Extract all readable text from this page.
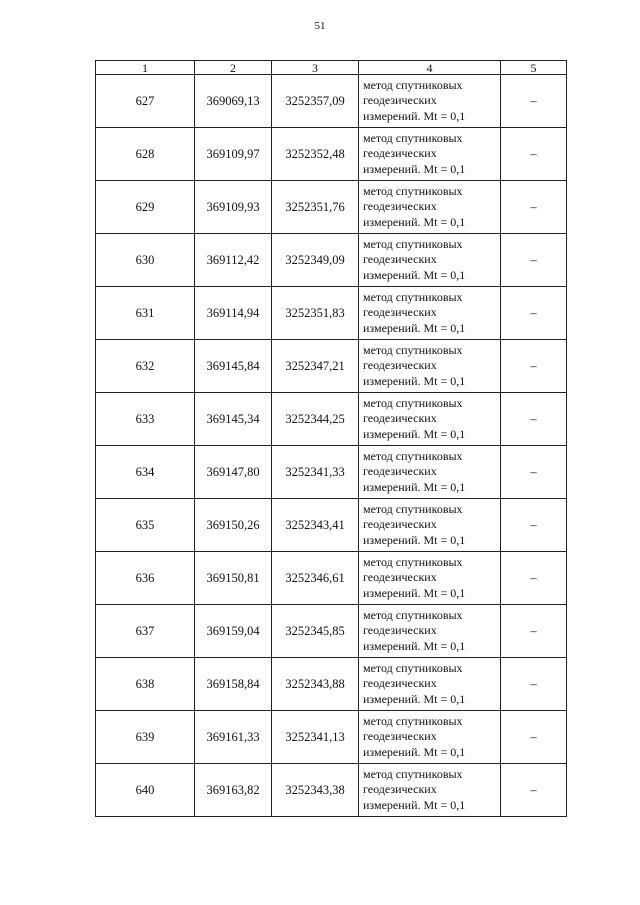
51
1	2	3	4	5
627	369069,13	3252357,09	метод спутниковых
геодезических
измерений. Mt = 0,1	–
628	369109,97	3252352,48	метод спутниковых
геодезических
измерений. Mt = 0,1	–
629	369109,93	3252351,76	метод спутниковых
геодезических
измерений. Mt = 0,1	–
630	369112,42	3252349,09	метод спутниковых
геодезических
измерений. Mt = 0,1	–
631	369114,94	3252351,83	метод спутниковых
геодезических
измерений. Mt = 0,1	–
632	369145,84	3252347,21	метод спутниковых
геодезических
измерений. Mt = 0,1	–
633	369145,34	3252344,25	метод спутниковых
геодезических
измерений. Mt = 0,1	–
634	369147,80	3252341,33	метод спутниковых
геодезических
измерений. Mt = 0,1	–
635	369150,26	3252343,41	метод спутниковых
геодезических
измерений. Mt = 0,1	–
636	369150,81	3252346,61	метод спутниковых
геодезических
измерений. Mt = 0,1	–
637	369159,04	3252345,85	метод спутниковых
геодезических
измерений. Mt = 0,1	–
638	369158,84	3252343,88	метод спутниковых
геодезических
измерений. Mt = 0,1	–
639	369161,33	3252341,13	метод спутниковых
геодезических
измерений. Mt = 0,1	–
640	369163,82	3252343,38	метод спутниковых
геодезических
измерений. Mt = 0,1	–
